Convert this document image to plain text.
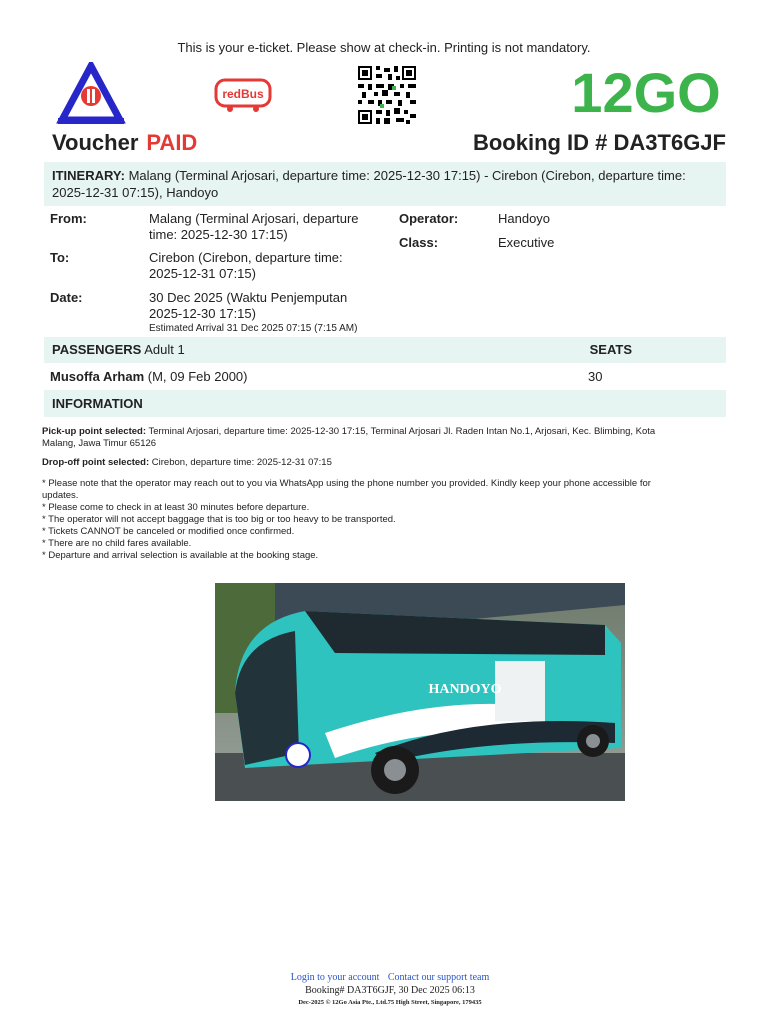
This is your e-ticket. Please show at check-in. Printing is not mandatory.
redBus	12GO
Voucher PAID	Booking ID # DA3T6GJF
ITINERARY: Malang (Terminal Arjosari, departure time: 2025-12-30 17:15) - Cirebon (Cirebon, departure time: 2025-12-31 07:15), Handoyo
From:	Malang (Terminal Arjosari, departure
time: 2025-12-30 17:15)
To:	Cirebon (Cirebon, departure time:
2025-12-31 07:15)
Date:	30 Dec 2025 (Waktu Penjemputan
2025-12-30 17:15)
Estimated Arrival 31 Dec 2025 07:15 (7:15 AM)
Operator:	Handoyo
Class:	Executive
PASSENGERS Adult 1	SEATS
Musoffa Arham (M, 09 Feb 2000)	30
INFORMATION
Pick-up point selected: Terminal Arjosari, departure time: 2025-12-30 17:15, Terminal Arjosari Jl. Raden Intan No.1, Arjosari, Kec. Blimbing, Kota
Malang, Jawa Timur 65126
Drop-off point selected: Cirebon, departure time: 2025-12-31 07:15
* Please note that the operator may reach out to you via WhatsApp using the phone number you provided. Kindly keep your phone accessible for
updates.
* Please come to check in at least 30 minutes before departure.
* The operator will not accept baggage that is too big or too heavy to be transported.
* Tickets CANNOT be canceled or modified once confirmed.
* There are no child fares available.
* Departure and arrival selection is available at the booking stage.
HANDOYO
Login to your account Contact our support team
Booking# DA3T6GJF, 30 Dec 2025 06:13
Dec-2025 © 12Go Asia Pte., Ltd.75 High Street, Singapore, 179435
